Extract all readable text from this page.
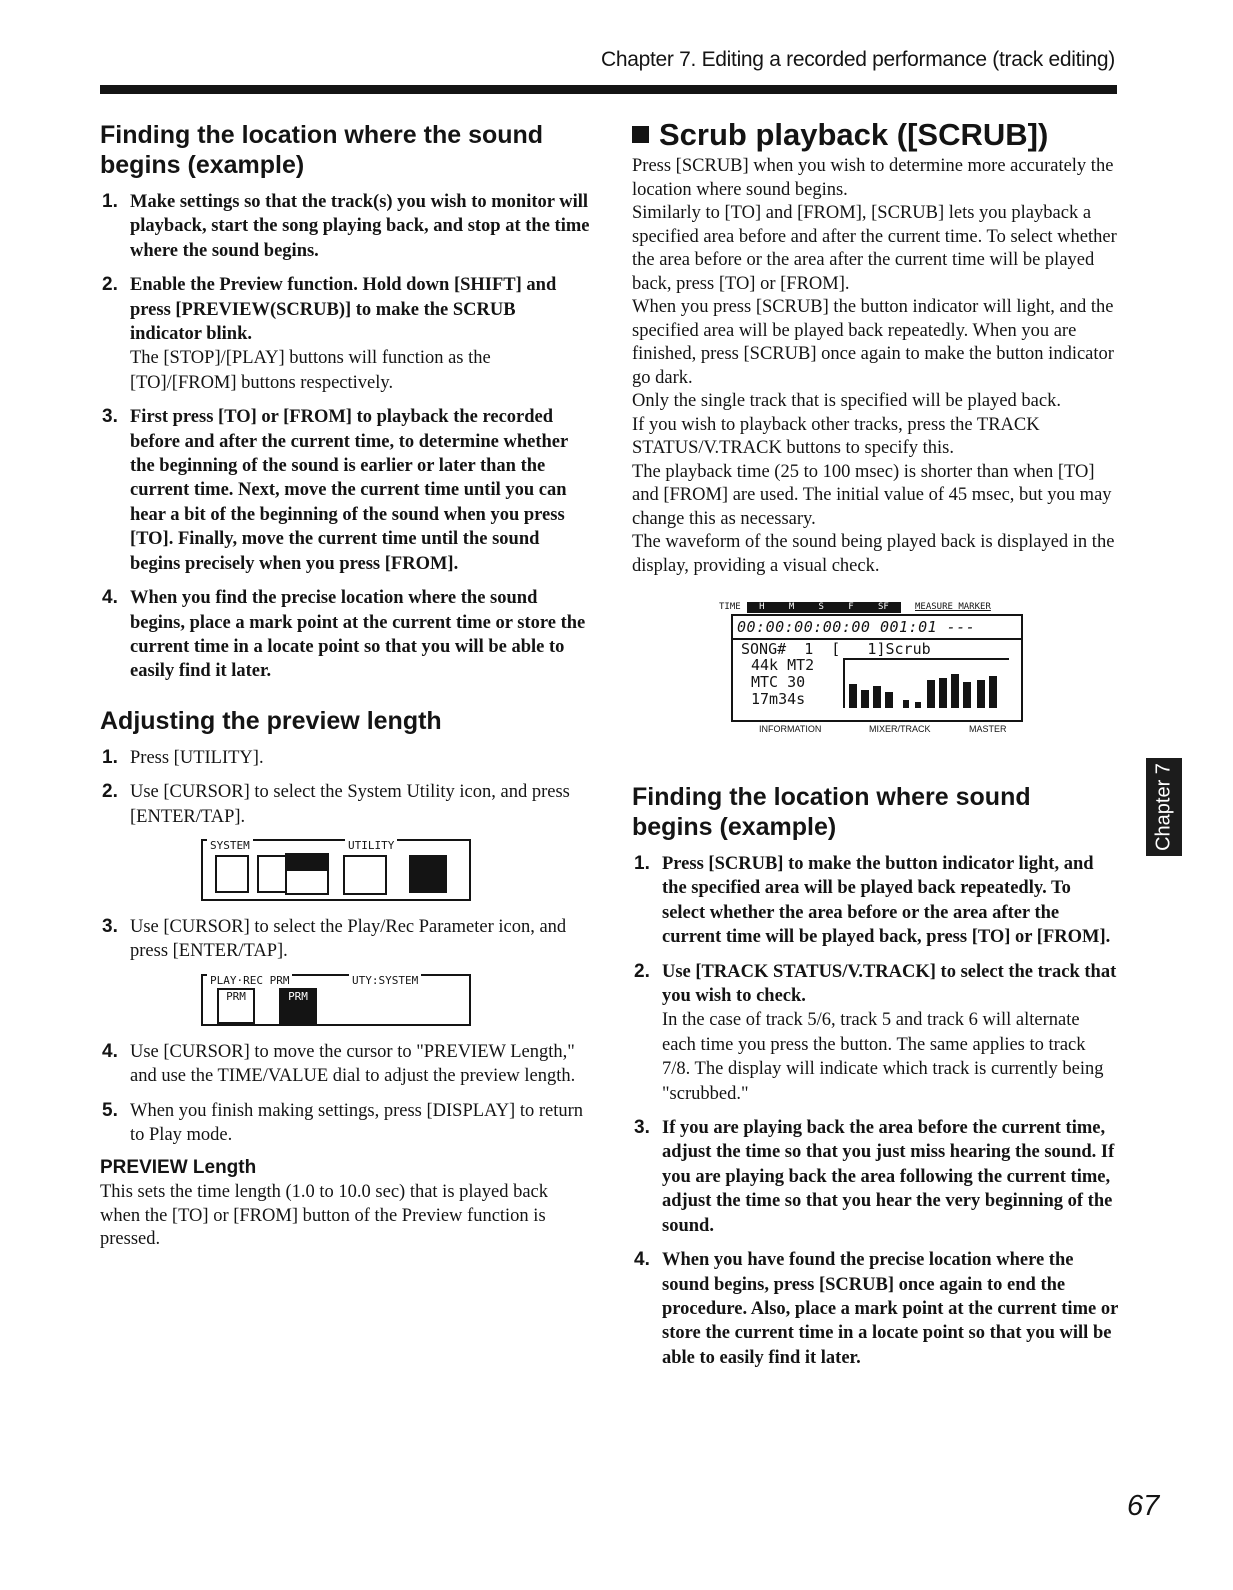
Chapter 7. Editing a recorded performance (track editing)
Finding the location where the sound begins (example)
1. Make settings so that the track(s) you wish to monitor will playback, start the song playing back, and stop at the time where the sound begins.
2. Enable the Preview function. Hold down [SHIFT] and press [PREVIEW(SCRUB)] to make the SCRUB indicator blink.
The [STOP]/[PLAY] buttons will function as the [TO]/[FROM] buttons respectively.
3. First press [TO] or [FROM] to playback the recorded before and after the current time, to determine whether the beginning of the sound is earlier or later than the current time. Next, move the current time until you can hear a bit of the beginning of the sound when you press [TO]. Finally, move the current time until the sound begins precisely when you press [FROM].
4. When you find the precise location where the sound begins, place a mark point at the current time or store the current time in a locate point so that you will be able to easily find it later.
Adjusting the preview length
1. Press [UTILITY].
2. Use [CURSOR] to select the System Utility icon, and press [ENTER/TAP].
SYSTEM	UTILITY
3. Use [CURSOR] to select the Play/Rec Parameter icon, and press [ENTER/TAP].
PLAY·REC PRM	UTY:SYSTEM
PRM	PRM
4. Use [CURSOR] to move the cursor to "PREVIEW Length," and use the TIME/VALUE dial to adjust the preview length.
5. When you finish making settings, press [DISPLAY] to return to Play mode.
PREVIEW Length

This sets the time length (1.0 to 10.0 sec) that is played back when the [TO] or [FROM] button of the Preview function is pressed.

Scrub playback ([SCRUB])

Press [SCRUB] when you wish to determine more accurately the location where sound begins.

Similarly to [TO] and [FROM], [SCRUB] lets you playback a specified area before and after the current time. To select whether the area before or the area after the current time will be played back, press [TO] or [FROM].

When you press [SCRUB] the button indicator will light, and the specified area will be played back repeatedly. When you are finished, press [SCRUB] once again to make the button indicator go dark.

Only the single track that is specified will be played back.

If you wish to playback other tracks, press the TRACK STATUS/V.TRACK buttons to specify this.

The playback time (25 to 100 msec) is shorter than when [TO] and [FROM] are used. The initial value of 45 msec, but you may change this as necessary.

The waveform of the sound being played back is displayed in the display, providing a visual check.

TIME H	M	S	F	SF	MEASURE MARKER
00:00:00:00:00 001:01 ---
SONG#  1  [   1]Scrub
44k MT2
MTC 30
17m34s
INFORMATION	MIXER/TRACK	MASTER
Finding the location where sound begins (example)
1. Press [SCRUB] to make the button indicator light, and the specified area will be played back repeatedly. To select whether the area before or the area after the current time will be played back, press [TO] or [FROM].
2. Use [TRACK STATUS/V.TRACK] to select the track that you wish to check.
In the case of track 5/6, track 5 and track 6 will alternate each time you press the button. The same applies to track 7/8. The display will indicate which track is currently being "scrubbed."
3. If you are playing back the area before the current time, adjust the time so that you just miss hearing the sound. If you are playing back the area following the current time, adjust the time so that you hear the very beginning of the sound.
4. When you have found the precise location where the sound begins, press [SCRUB] once again to end the procedure. Also, place a mark point at the current time or store the current time in a locate point so that you will be able to easily find it later.
Chapter 7
67
